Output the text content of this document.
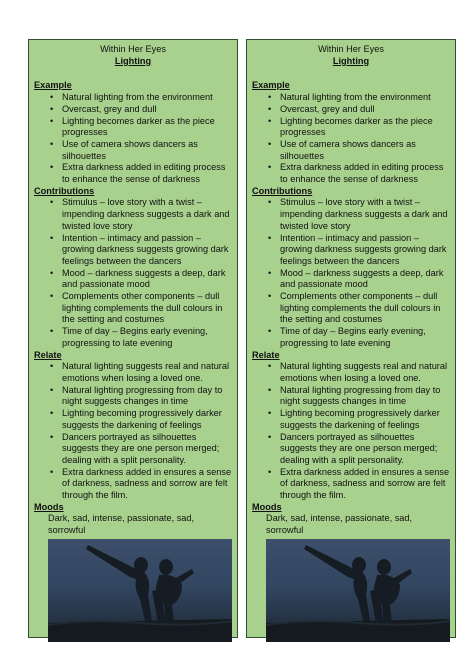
Within Her Eyes

Lighting

Example

• Natural lighting from the environment
• Overcast, grey and dull
• Lighting becomes darker as the piece progresses
• Use of camera shows dancers as silhouettes
• Extra darkness added in editing process to enhance the sense of darkness

Contributions

• Stimulus – love story with a twist – impending darkness suggests a dark and twisted love story
• Intention – intimacy and passion – growing darkness suggests growing dark feelings between the dancers
• Mood – darkness suggests a deep, dark and passionate mood
• Complements other components – dull lighting complements the dull colours in the setting and costumes
• Time of day – Begins early evening, progressing to late evening

Relate

• Natural lighting suggests real and natural emotions when losing a loved one.
• Natural lighting progressing from day to night suggests changes in time
• Lighting becoming progressively darker suggests the darkening of feelings
• Dancers portrayed as silhouettes suggests they are one person merged; dealing with a split personality.
• Extra darkness added in ensures a sense of darkness, sadness and sorrow are felt through the film.

Moods

Dark, sad, intense, passionate, sad, sorrowful

Within Her Eyes

Lighting

Example

• Natural lighting from the environment
• Overcast, grey and dull
• Lighting becomes darker as the piece progresses
• Use of camera shows dancers as silhouettes
• Extra darkness added in editing process to enhance the sense of darkness

Contributions

• Stimulus – love story with a twist – impending darkness suggests a dark and twisted love story
• Intention – intimacy and passion – growing darkness suggests growing dark feelings between the dancers
• Mood – darkness suggests a deep, dark and passionate mood
• Complements other components – dull lighting complements the dull colours in the setting and costumes
• Time of day – Begins early evening, progressing to late evening

Relate

• Natural lighting suggests real and natural emotions when losing a loved one.
• Natural lighting progressing from day to night suggests changes in time
• Lighting becoming progressively darker suggests the darkening of feelings
• Dancers portrayed as silhouettes suggests they are one person merged; dealing with a split personality.
• Extra darkness added in ensures a sense of darkness, sadness and sorrow are felt through the film.

Moods

Dark, sad, intense, passionate, sad, sorrowful
